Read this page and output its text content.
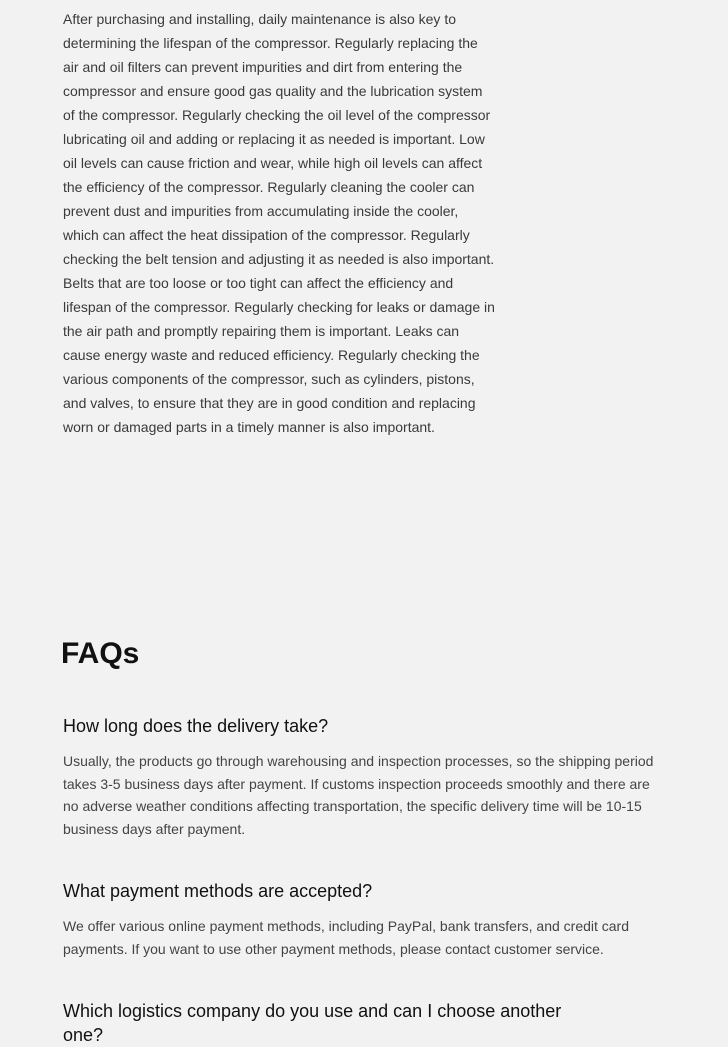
After purchasing and installing, daily maintenance is also key to determining the lifespan of the compressor. Regularly replacing the air and oil filters can prevent impurities and dirt from entering the compressor and ensure good gas quality and the lubrication system of the compressor. Regularly checking the oil level of the compressor lubricating oil and adding or replacing it as needed is important. Low oil levels can cause friction and wear, while high oil levels can affect the efficiency of the compressor. Regularly cleaning the cooler can prevent dust and impurities from accumulating inside the cooler, which can affect the heat dissipation of the compressor. Regularly checking the belt tension and adjusting it as needed is also important. Belts that are too loose or too tight can affect the efficiency and lifespan of the compressor. Regularly checking for leaks or damage in the air path and promptly repairing them is important. Leaks can cause energy waste and reduced efficiency. Regularly checking the various components of the compressor, such as cylinders, pistons, and valves, to ensure that they are in good condition and replacing worn or damaged parts in a timely manner is also important.

FAQs
How long does the delivery take?

Usually, the products go through warehousing and inspection processes, so the shipping period takes 3-5 business days after payment. If customs inspection proceeds smoothly and there are no adverse weather conditions affecting transportation, the specific delivery time will be 10-15 business days after payment.

What payment methods are accepted?

We offer various online payment methods, including PayPal, bank transfers, and credit card payments. If you want to use other payment methods, please contact customer service.

Which logistics company do you use and can I choose another one?
